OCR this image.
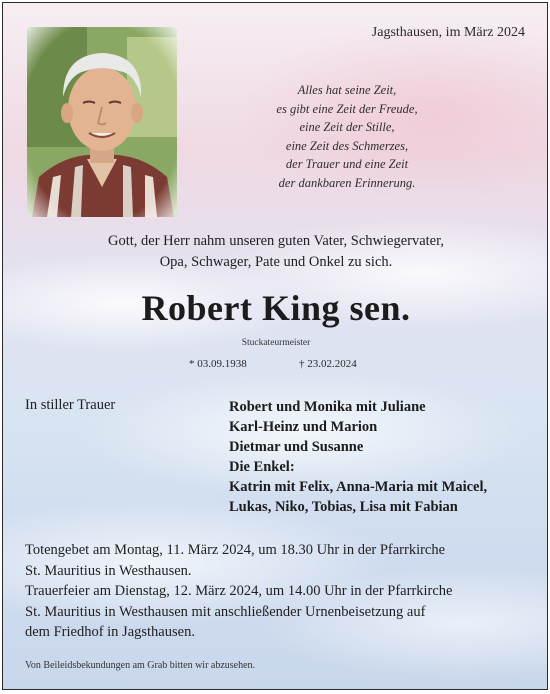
Jagsthausen, im März 2024
Alles hat seine Zeit,
es gibt eine Zeit der Freude,
eine Zeit der Stille,
eine Zeit des Schmerzes,
der Trauer und eine Zeit
der dankbaren Erinnerung.
Gott, der Herr nahm unseren guten Vater, Schwiegervater,
Opa, Schwager, Pate und Onkel zu sich.
Robert King sen.
Stuckateurmeister
* 03.09.1938	† 23.02.2024
In stiller Trauer	Robert und Monika mit Juliane
Karl-Heinz und Marion
Dietmar und Susanne
Die Enkel:
Katrin mit Felix, Anna-Maria mit Maicel,
Lukas, Niko, Tobias, Lisa mit Fabian
Totengebet am Montag, 11. März 2024, um 18.30 Uhr in der Pfarrkirche
St. Mauritius in Westhausen.
Trauerfeier am Dienstag, 12. März 2024, um 14.00 Uhr in der Pfarrkirche
St. Mauritius in Westhausen mit anschließender Urnenbeisetzung auf
dem Friedhof in Jagsthausen.
Von Beileidsbekundungen am Grab bitten wir abzusehen.
